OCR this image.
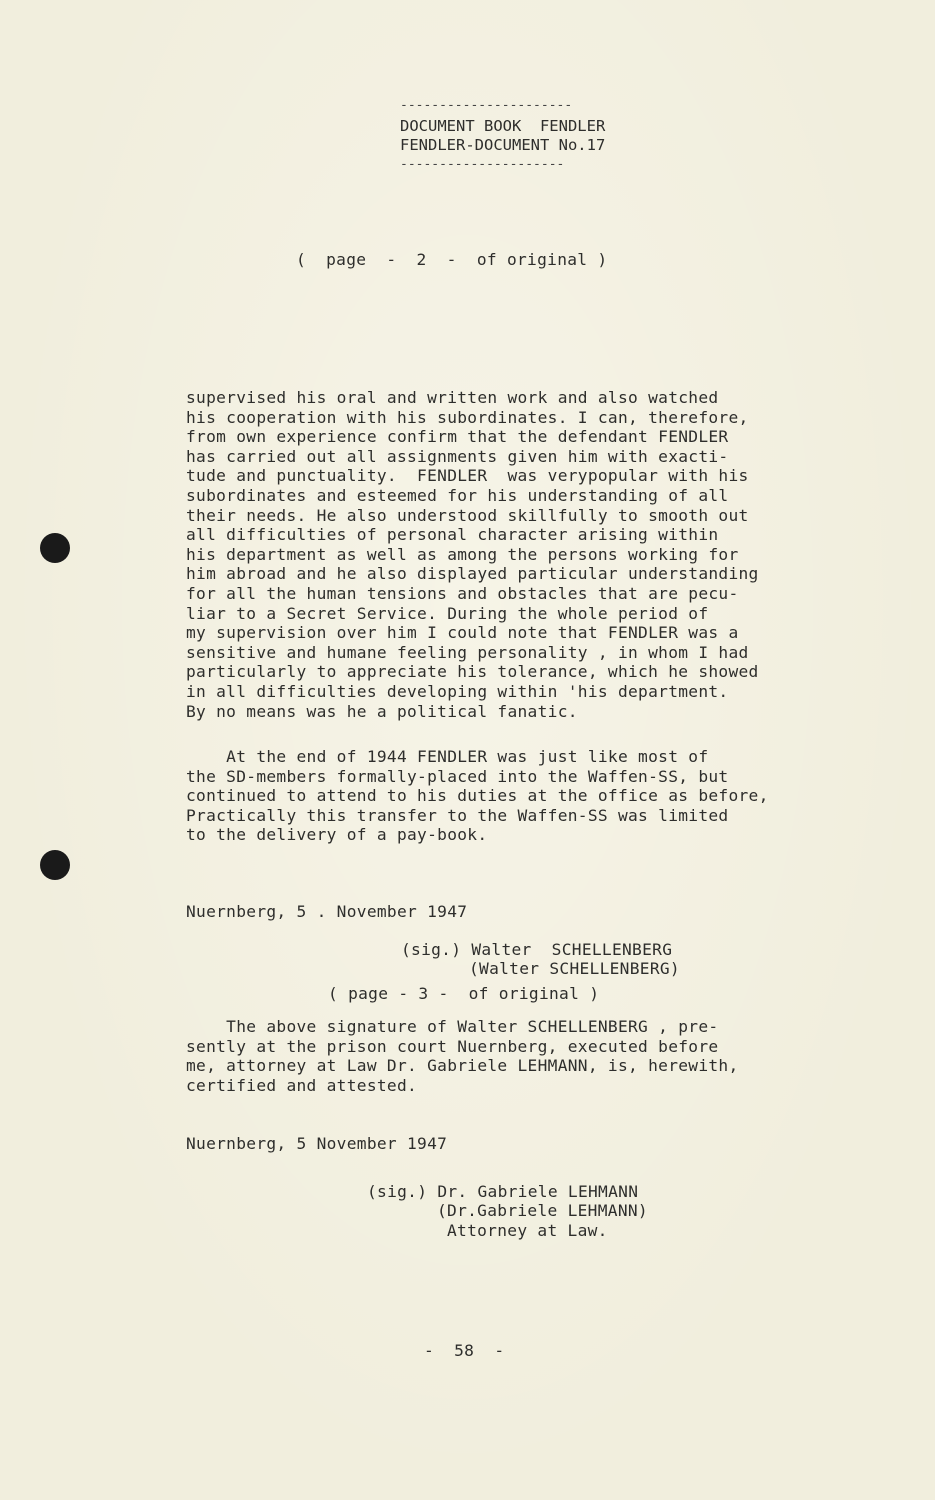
----------------------
DOCUMENT BOOK  FENDLER
FENDLER-DOCUMENT No.17
---------------------
(  page  -  2  -  of original )
supervised his oral and written work and also watched
his cooperation with his subordinates. I can, therefore,
from own experience confirm that the defendant FENDLER
has carried out all assignments given him with exacti-
tude and punctuality.  FENDLER  was verypopular with his
subordinates and esteemed for his understanding of all
their needs. He also understood skillfully to smooth out
all difficulties of personal character arising within
his department as well as among the persons working for
him abroad and he also displayed particular understanding
for all the human tensions and obstacles that are pecu-
liar to a Secret Service. During the whole period of
my supervision over him I could note that FENDLER was a
sensitive and humane feeling personality , in whom I had
particularly to appreciate his tolerance, which he showed
in all difficulties developing within 'his department.
By no means was he a political fanatic.
At the end of 1944 FENDLER was just like most of
the SD-members formally-placed into the Waffen-SS, but
continued to attend to his duties at the office as before,
Practically this transfer to the Waffen-SS was limited
to the delivery of a pay-book.
Nuernberg, 5 . November 1947
(sig.) Walter  SCHELLENBERG
(Walter SCHELLENBERG)
( page - 3 -  of original )
The above signature of Walter SCHELLENBERG , pre-
sently at the prison court Nuernberg, executed before
me, attorney at Law Dr. Gabriele LEHMANN, is, herewith,
certified and attested.
Nuernberg, 5 November 1947
(sig.) Dr. Gabriele LEHMANN
(Dr.Gabriele LEHMANN)
Attorney at Law.
-  58  -
